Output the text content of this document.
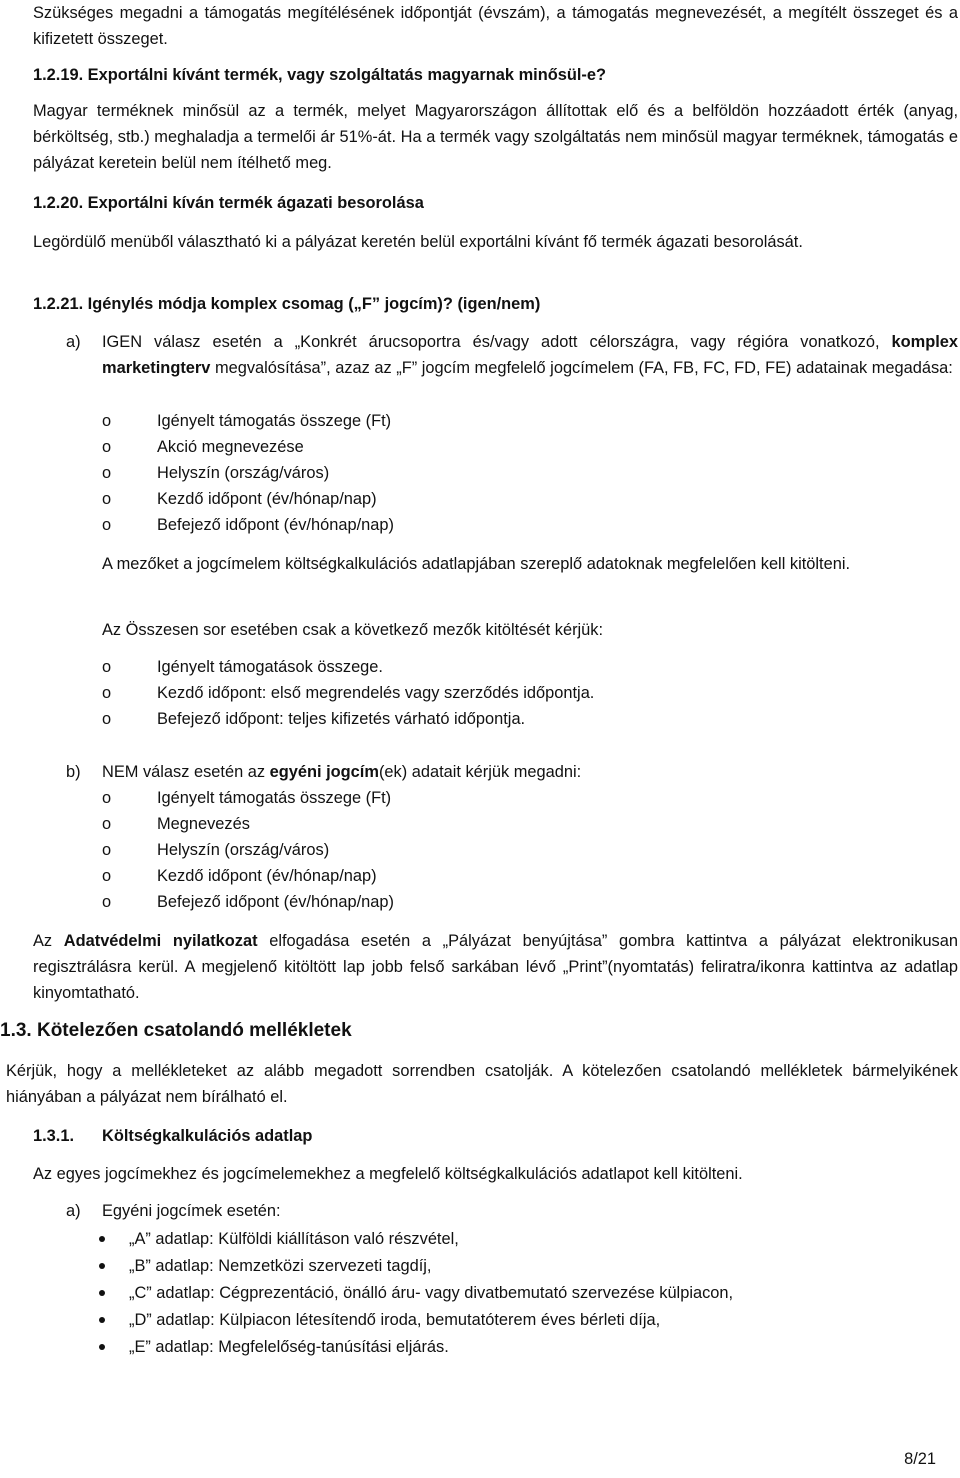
Szükséges megadni a támogatás megítélésének időpontját (évszám), a támogatás megnevezését, a megítélt összeget és a kifizetett összeget.

1.2.19. Exportálni kívánt termék, vagy szolgáltatás magyarnak minősül-e?

Magyar terméknek minősül az a termék, melyet Magyarországon állítottak elő és a belföldön hozzáadott érték (anyag, bérköltség, stb.) meghaladja a termelői ár 51%-át. Ha a termék vagy szolgáltatás nem minősül magyar terméknek, támogatás e pályázat keretein belül nem ítélhető meg.

1.2.20. Exportálni kíván termék ágazati besorolása

Legördülő menüből választható ki a pályázat keretén belül exportálni kívánt fő termék ágazati besorolását.

1.2.21. Igénylés módja komplex csomag („F” jogcím)? (igen/nem)

a) IGEN válasz esetén a „Konkrét árucsoportra és/vagy adott célországra, vagy régióra vonatkozó, komplex marketingterv megvalósítása”, azaz az „F” jogcím megfelelő jogcímelem (FA, FB, FC, FD, FE) adatainak megadása:

o	Igényelt támogatás összege (Ft)
o	Akció megnevezése
o	Helyszín (ország/város)
o	Kezdő időpont (év/hónap/nap)
o	Befejező időpont (év/hónap/nap)

A mezőket a jogcímelem költségkalkulációs adatlapjában szereplő adatoknak megfelelően kell kitölteni.

Az Összesen sor esetében csak a következő mezők kitöltését kérjük:

o	Igényelt támogatások összege.
o	Kezdő időpont: első megrendelés vagy szerződés időpontja.
o	Befejező időpont: teljes kifizetés várható időpontja.
b) NEM válasz esetén az egyéni jogcím(ek) adatait kérjük megadni:

o	Igényelt támogatás összege (Ft)
o	Megnevezés
o	Helyszín (ország/város)
o	Kezdő időpont (év/hónap/nap)
o	Befejező időpont (év/hónap/nap)

Az Adatvédelmi nyilatkozat elfogadása esetén a „Pályázat benyújtása” gombra kattintva a pályázat elektronikusan regisztrálásra kerül. A megjelenő kitöltött lap jobb felső sarkában lévő „Print”(nyomtatás) feliratra/ikonra kattintva az adatlap kinyomtatható.

1.3. Kötelezően csatolandó mellékletek

Kérjük, hogy a mellékleteket az alább megadott sorrendben csatolják. A kötelezően csatolandó mellékletek bármelyikének hiányában a pályázat nem bírálható el.

1.3.1. Költségkalkulációs adatlap

Az egyes jogcímekhez és jogcímelemekhez a megfelelő költségkalkulációs adatlapot kell kitölteni.

a) Egyéni jogcímek esetén:
„A” adatlap: Külföldi kiállításon való részvétel,
„B” adatlap: Nemzetközi szervezeti tagdíj,
„C” adatlap: Cégprezentáció, önálló áru- vagy divatbemutató szervezése külpiacon,
„D” adatlap: Külpiacon létesítendő iroda, bemutatóterem éves bérleti díja,
„E” adatlap: Megfelelőség-tanúsítási eljárás.
8/21
